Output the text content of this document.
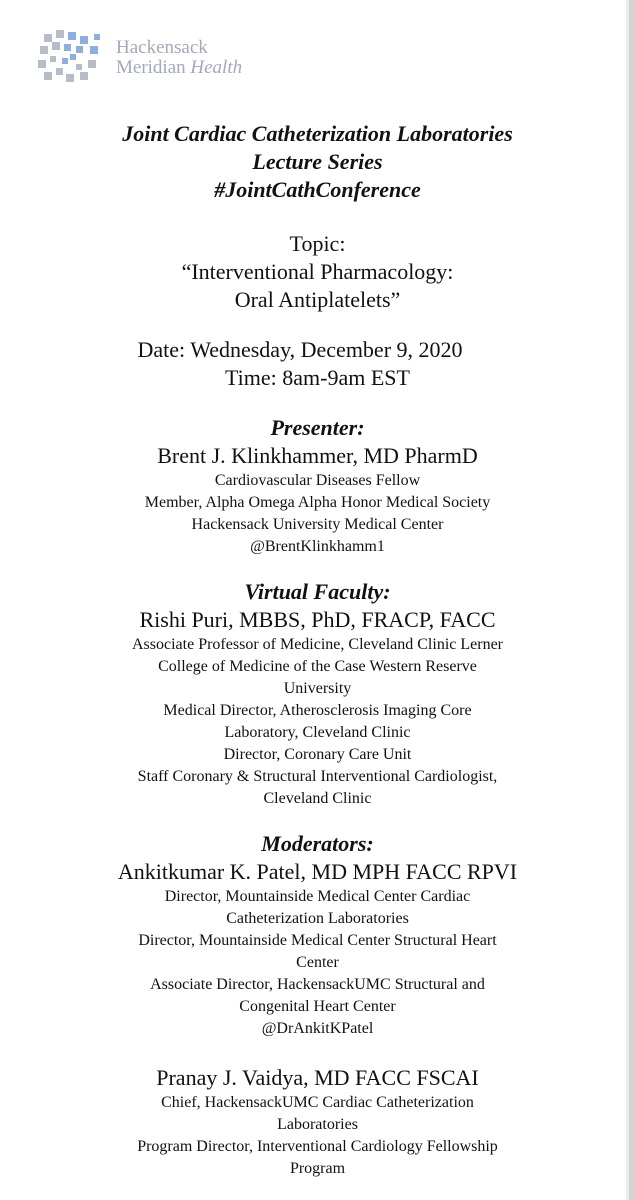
Hackensack
Meridian Health
Joint Cardiac Catheterization Laboratories
Lecture Series
#JointCathConference
Topic:
“Interventional Pharmacology:
Oral Antiplatelets”
Date: Wednesday, December 9, 2020
Time: 8am-9am EST
Presenter:
Brent J. Klinkhammer, MD PharmD
Cardiovascular Diseases Fellow
Member, Alpha Omega Alpha Honor Medical Society
Hackensack University Medical Center
@BrentKlinkhamm1
Virtual Faculty:
Rishi Puri, MBBS, PhD, FRACP, FACC
Associate Professor of Medicine, Cleveland Clinic Lerner
College of Medicine of the Case Western Reserve
University
Medical Director, Atherosclerosis Imaging Core
Laboratory, Cleveland Clinic
Director, Coronary Care Unit
Staff Coronary & Structural Interventional Cardiologist,
Cleveland Clinic
Moderators:
Ankitkumar K. Patel, MD MPH FACC RPVI
Director, Mountainside Medical Center Cardiac
Catheterization Laboratories
Director, Mountainside Medical Center Structural Heart
Center
Associate Director, HackensackUMC Structural and
Congenital Heart Center
@DrAnkitKPatel
Pranay J. Vaidya, MD FACC FSCAI
Chief, HackensackUMC Cardiac Catheterization
Laboratories
Program Director, Interventional Cardiology Fellowship
Program
